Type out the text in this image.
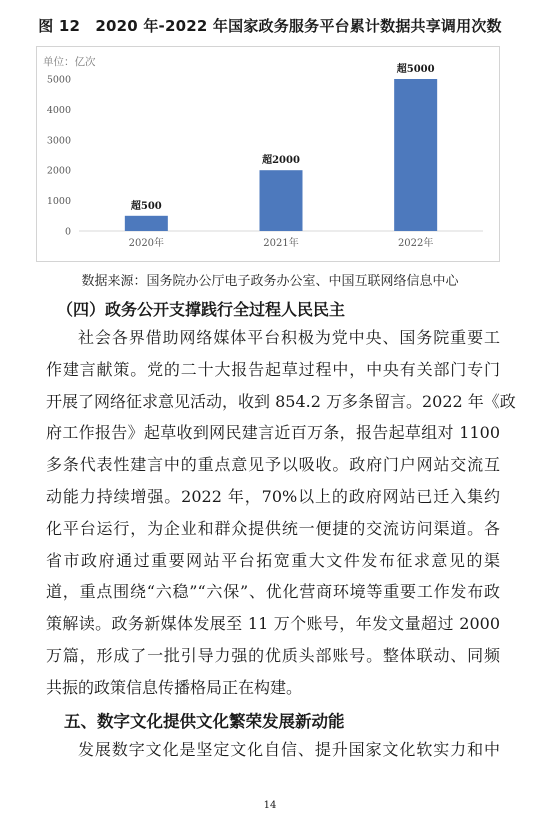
图 12　2020 年-2022 年国家政务服务平台累计数据共享调用次数
单位：亿次
0
1000
2000
3000
4000
5000
超500
2020年
超2000
2021年
超5000
2022年
数据来源：国务院办公厅电子政务办公室、中国互联网络信息中心
（四）政务公开支撑践行全过程人民民主
社会各界借助网络媒体平台积极为党中央、国务院重要工
作建言献策。党的二十大报告起草过程中，中央有关部门专门
开展了网络征求意见活动，收到 854.2 万多条留言。2022 年《政
府工作报告》起草收到网民建言近百万条，报告起草组对 1100
多条代表性建言中的重点意见予以吸收。政府门户网站交流互
动能力持续增强。2022 年，70%以上的政府网站已迁入集约
化平台运行，为企业和群众提供统一便捷的交流访问渠道。各
省市政府通过重要网站平台拓宽重大文件发布征求意见的渠
道，重点围绕“六稳”“六保”、优化营商环境等重要工作发布政
策解读。政务新媒体发展至 11 万个账号，年发文量超过 2000
万篇，形成了一批引导力强的优质头部账号。整体联动、同频
共振的政策信息传播格局正在构建。
五、数字文化提供文化繁荣发展新动能
发展数字文化是坚定文化自信、提升国家文化软实力和中
14
